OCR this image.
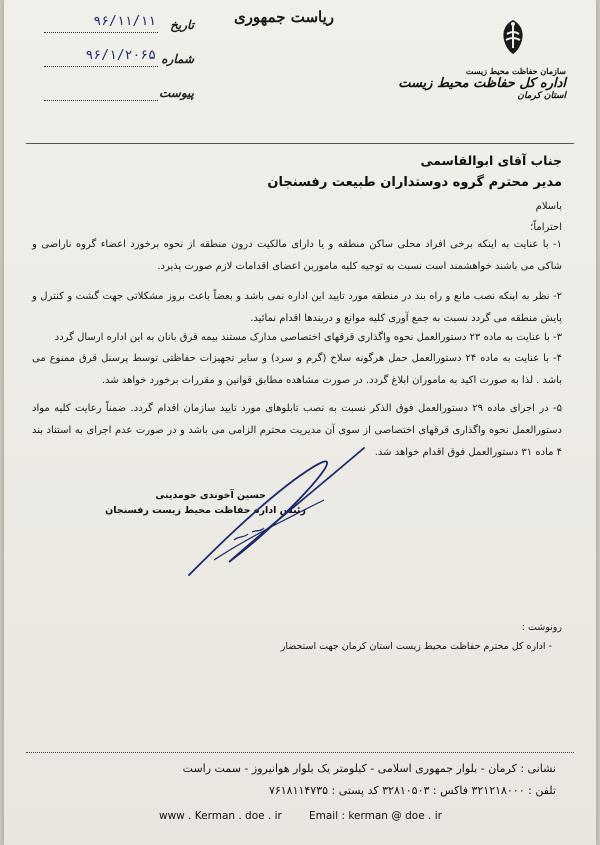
ریاست جمهوری
تاریخ
۹۶/۱۱/۱۱
شماره
۹۶/۱/۲۰۶۵
پیوست
سازمان حفاظت محیط زیست
اداره کل حفاظت محیط زیست
استان کرمان
جناب آقای ابوالقاسمی
مدیر محترم گروه دوستداران طبیعت رفسنجان
باسلام
احتراماً؛
۱- با عنایت به اینکه برخی افراد محلی ساکن منطقه و یا دارای مالکیت درون منطقه از نحوه برخورد اعضاء گروه ناراضی و شاکی می باشند خواهشمند است نسبت به توجیه کلیه ماموربن اعضای اقدامات لازم صورت پذیرد.
۲- نظر به اینکه نصب مانع و راه بند در منطقه مورد تایید این اداره نمی باشد و بعضاً باعث بروز مشکلاتی جهت گشت و کنترل و پایش منطقه می گردد نسبت به جمع آوری کلیه موانع و دربندها اقدام نمائید.
۳- با عنایت به ماده ۲۳ دستورالعمل نحوه واگذاری قرقهای اختصاصی مدارک مستند بیمه قرق بانان به این اداره ارسال گردد
۴- با عنایت به ماده ۲۴ دستورالعمل حمل هرگونه سلاح (گرم و سرد) و سایر تجهیزات حفاظتی توسط پرسنل قرق ممنوع می باشد . لذا به صورت اکید به ماموران ابلاغ گردد. در صورت مشاهده مطابق قوانین و مقررات برخورد خواهد شد.
۵- در اجرای ماده ۲۹ دستورالعمل فوق الذکر نسبت به نصب تابلوهای مورد تایید سازمان اقدام گردد. ضمناً رعایت کلیه مواد دستورالعمل نحوه واگذاری قرقهای اختصاصی از سوی آن مدیریت محترم الزامی می باشد و در صورت عدم اجرای به استناد بند ۴ ماده ۳۱ دستورالعمل فوق اقدام خواهد شد.
حسین آخوندی حومدینی
رئیس اداره حفاظت محیط زیست رفسنجان
رونوشت :
- اداره کل محترم حفاظت محیط زیست استان کرمان جهت استحضار
نشانی : کرمان - بلوار جمهوری اسلامی - کیلومتر یک بلوار هوانیروز - سمت راست
تلفن : ۳۲۱۲۱۸۰۰۰ فاکس : ۳۲۸۱۰۵۰۳ کد پستی : ۷۶۱۸۱۱۴۷۳۵
www . Kerman . doe . ir	Email : kerman @ doe . ir
